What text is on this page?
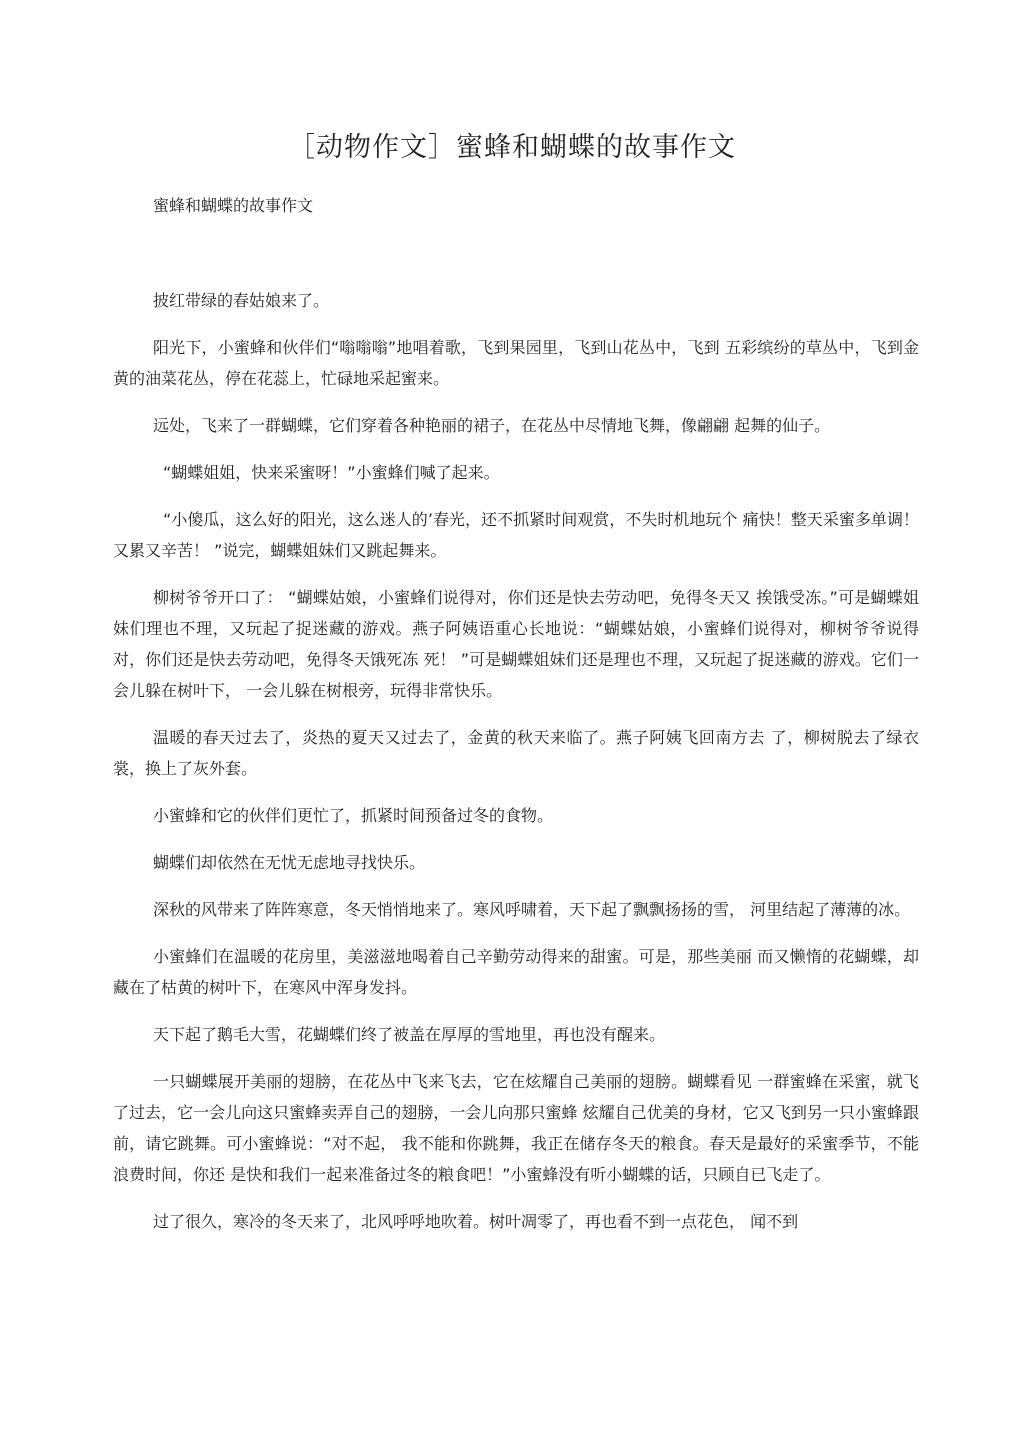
［动物作文］蜜蜂和蝴蝶的故事作文
蜜蜂和蝴蝶的故事作文

披红带绿的春姑娘来了。

阳光下，小蜜蜂和伙伴们“嗡嗡嗡”地唱着歌，飞到果园里，飞到山花丛中，飞到 五彩缤纷的草丛中，飞到金黄的油菜花丛，停在花蕊上，忙碌地采起蜜来。

远处，飞来了一群蝴蝶，它们穿着各种艳丽的裙子，在花丛中尽情地飞舞，像翩翩 起舞的仙子。

“蝴蝶姐姐，快来采蜜呀！”小蜜蜂们喊了起来。

“小傻瓜，这么好的阳光，这么迷人的’春光，还不抓紧时间观赏，不失时机地玩个 痛快！整天采蜜多单调！ 又累又辛苦！ ”说完，蝴蝶姐妹们又跳起舞来。

柳树爷爷开口了： “蝴蝶姑娘，小蜜蜂们说得对，你们还是快去劳动吧，免得冬天又 挨饿受冻。”可是蝴蝶姐妹们理也不理，又玩起了捉迷藏的游戏。燕子阿姨语重心长地说：“蝴蝶姑娘，小蜜蜂们说得对，柳树爷爷说得对，你们还是快去劳动吧，免得冬天饿死冻 死！ ”可是蝴蝶姐妹们还是理也不理，又玩起了捉迷藏的游戏。它们一会儿躲在树叶下， 一会儿躲在树根旁，玩得非常快乐。

温暖的春天过去了，炎热的夏天又过去了，金黄的秋天来临了。燕子阿姨飞回南方去 了，柳树脱去了绿衣裳，换上了灰外套。

小蜜蜂和它的伙伴们更忙了，抓紧时间预备过冬的食物。

蝴蝶们却依然在无忧无虑地寻找快乐。

深秋的风带来了阵阵寒意，冬天悄悄地来了。寒风呼啸着，天下起了飘飘扬扬的雪， 河里结起了薄薄的冰。

小蜜蜂们在温暖的花房里，美滋滋地喝着自己辛勤劳动得来的甜蜜。可是，那些美丽 而又懒惰的花蝴蝶，却藏在了枯黄的树叶下，在寒风中浑身发抖。

天下起了鹅毛大雪，花蝴蝶们终了被盖在厚厚的雪地里，再也没有醒来。

一只蝴蝶展开美丽的翅膀，在花丛中飞来飞去，它在炫耀自己美丽的翅膀。蝴蝶看见 一群蜜蜂在采蜜，就飞了过去，它一会儿向这只蜜蜂卖弄自己的翅膀，一会儿向那只蜜蜂 炫耀自己优美的身材，它又飞到另一只小蜜蜂跟前，请它跳舞。可小蜜蜂说：“对不起， 我不能和你跳舞，我正在储存冬天的粮食。春天是最好的采蜜季节，不能浪费时间，你还 是快和我们一起来准备过冬的粮食吧！”小蜜蜂没有听小蝴蝶的话，只顾自已飞走了。

过了很久，寒冷的冬天来了，北风呼呼地吹着。树叶凋零了，再也看不到一点花色， 闻不到
